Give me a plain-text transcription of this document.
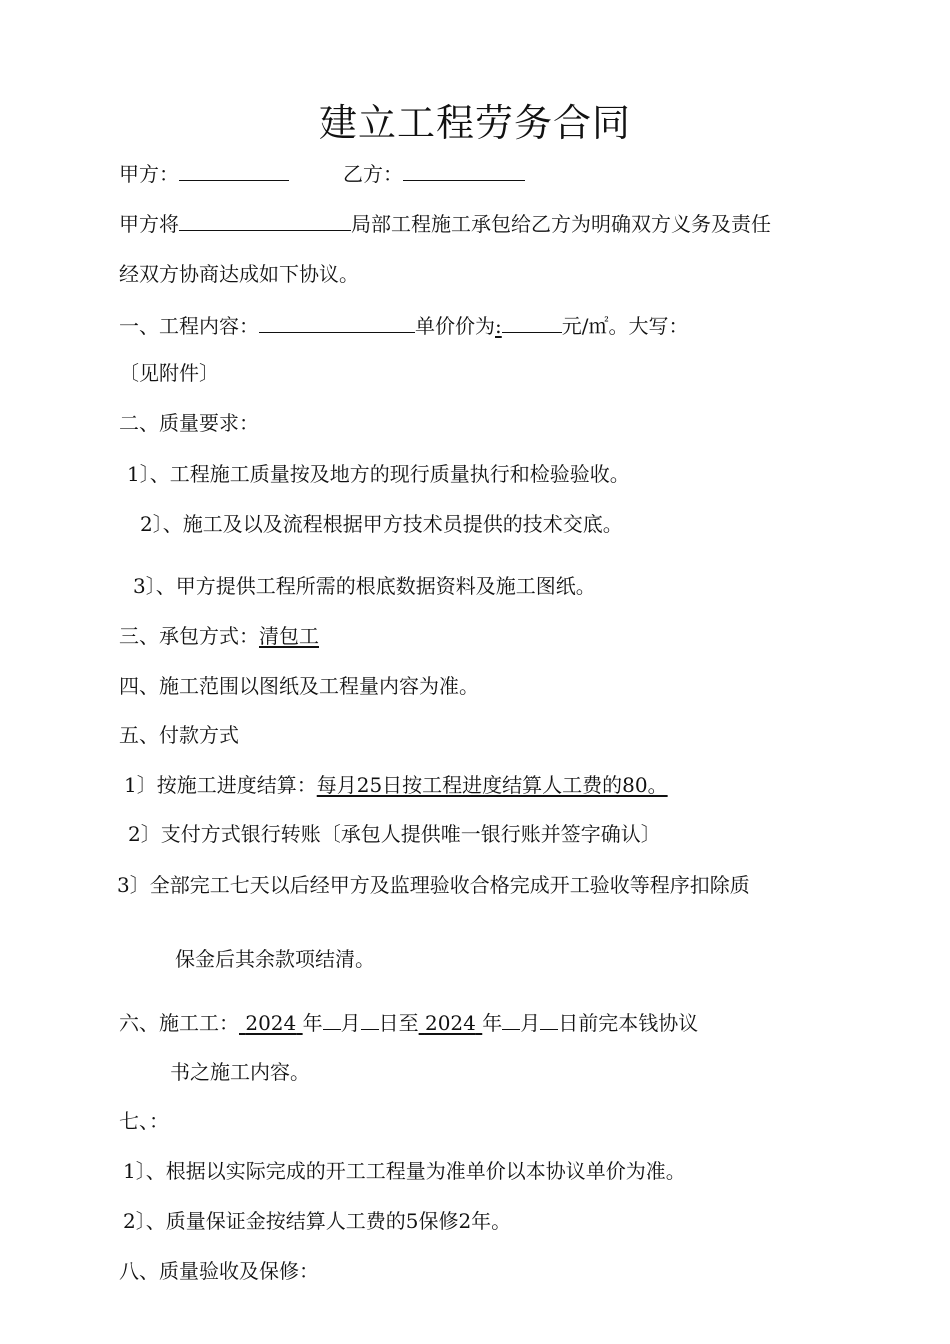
建立工程劳务合同
甲方：	乙方：
甲方将	局部工程施工承包给乙方为明确双方义务及责任
经双方协商达成如下协议。
一、工程内容：	单价价为:	元/㎡。大写：
〔见附件〕
二、质量要求：
1〕、工程施工质量按及地方的现行质量执行和检验验收。
2〕、施工及以及流程根据甲方技术员提供的技术交底。
3〕、甲方提供工程所需的根底数据资料及施工图纸。
三、承包方式：清包工
四、施工范围以图纸及工程量内容为准。
五、付款方式
1〕按施工进度结算：每月25日按工程进度结算人工费的80。
2〕支付方式银行转账〔承包人提供唯一银行账并签字确认〕
3〕全部完工七天以后经甲方及监理验收合格完成开工验收等程序扣除质
保金后其余款项结清。
六、施工工： 2024 年 月 日至 2024 年 月 日前完本钱协议
书之施工内容。
七、：
1〕、根据以实际完成的开工工程量为准单价以本协议单价为准。
2〕、质量保证金按结算人工费的5保修2年。
八、质量验收及保修：
